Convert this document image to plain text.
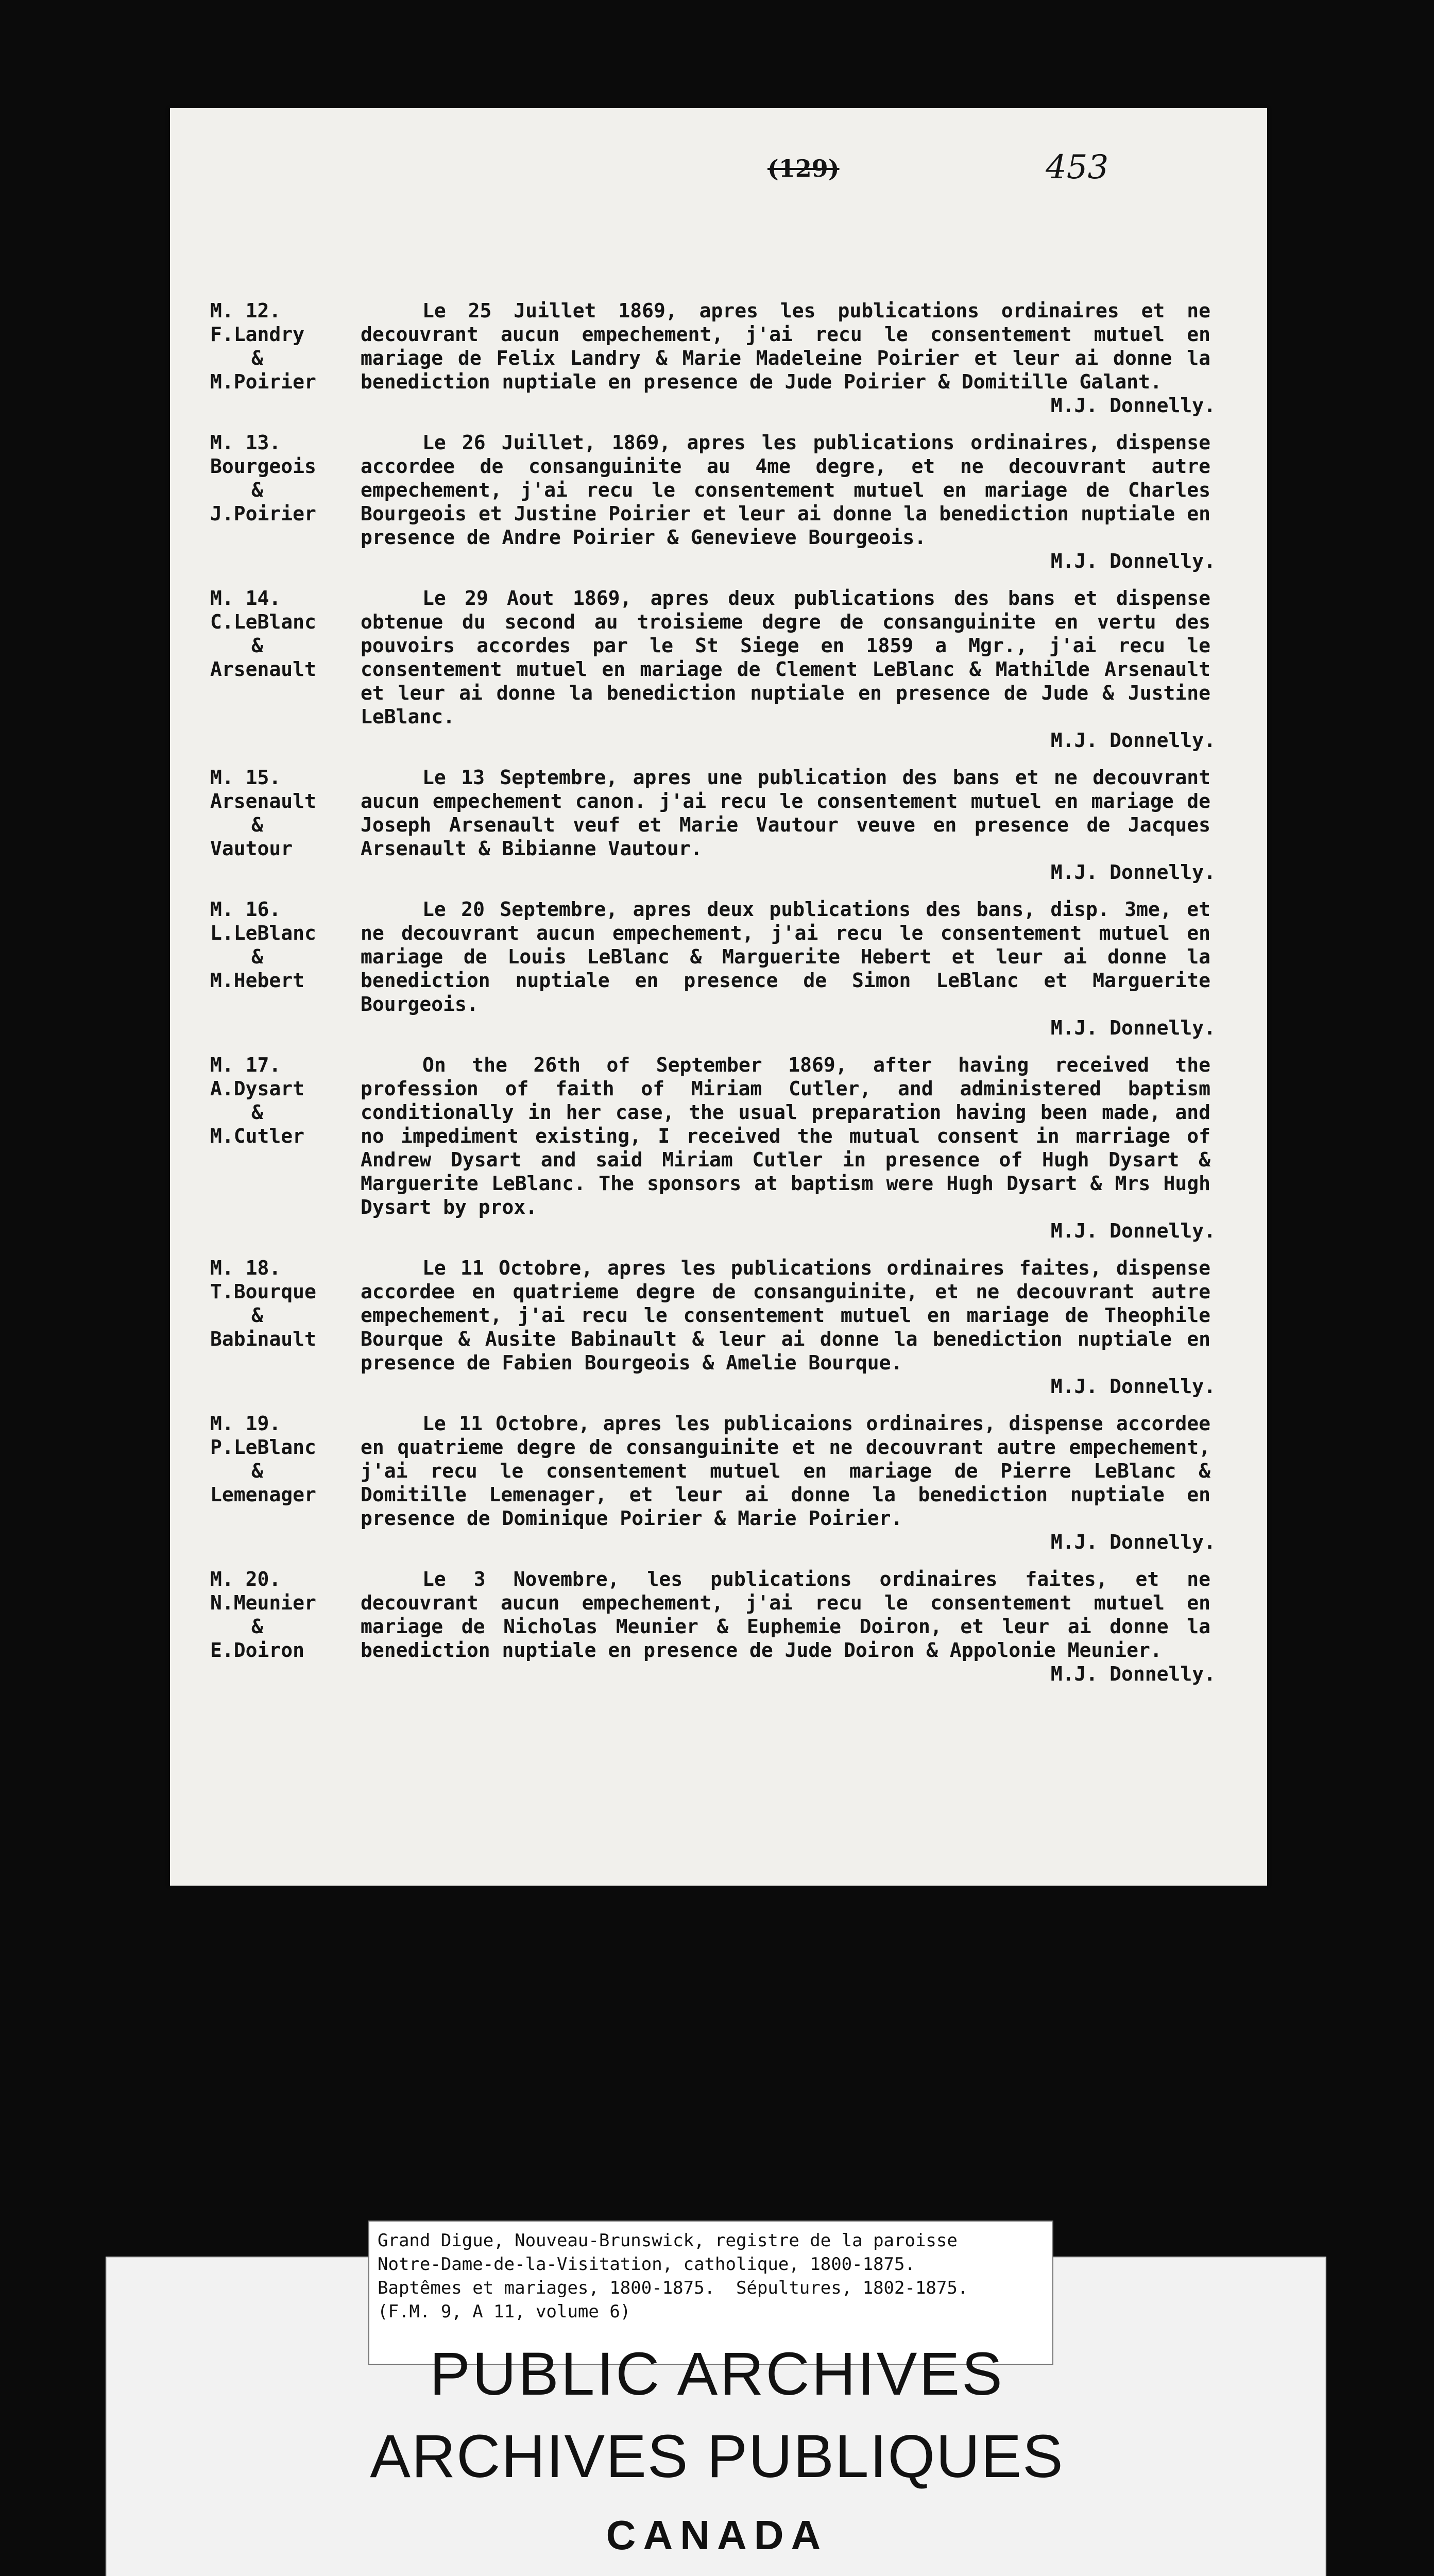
(129)	453
M. 12.
F.Landry
&
M.Poirier
Le 25 Juillet 1869, apres les publications ordinaires et ne decouvrant aucun empechement, j'ai recu le consentement mutuel en mariage de Felix Landry & Marie Madeleine Poirier et leur ai donne la benediction nuptiale en presence de Jude Poirier & Domitille Galant.
M.J. Donnelly.
M. 13.
Bourgeois
&
J.Poirier
Le 26 Juillet, 1869, apres les publications ordinaires, dispense accordee de consanguinite au 4me degre, et ne decouvrant autre empechement, j'ai recu le consentement mutuel en mariage de Charles Bourgeois et Justine Poirier et leur ai donne la benediction nuptiale en presence de Andre Poirier & Genevieve Bourgeois.
M.J. Donnelly.
M. 14.
C.LeBlanc
&
Arsenault
Le 29 Aout 1869, apres deux publications des bans et dispense obtenue du second au troisieme degre de consanguinite en vertu des pouvoirs accordes par le St Siege en 1859 a Mgr., j'ai recu le consentement mutuel en mariage de Clement LeBlanc & Mathilde Arsenault et leur ai donne la benediction nuptiale en presence de Jude & Justine LeBlanc.
M.J. Donnelly.
M. 15.
Arsenault
&
Vautour
Le 13 Septembre, apres une publication des bans et ne decouvrant aucun empechement canon. j'ai recu le consentement mutuel en mariage de Joseph Arsenault veuf et Marie Vautour veuve en presence de Jacques Arsenault & Bibianne Vautour.
M.J. Donnelly.
M. 16.
L.LeBlanc
&
M.Hebert
Le 20 Septembre, apres deux publications des bans, disp. 3me, et ne decouvrant aucun empechement, j'ai recu le consentement mutuel en mariage de Louis LeBlanc & Marguerite Hebert et leur ai donne la benediction nuptiale en presence de Simon LeBlanc et Marguerite Bourgeois.
M.J. Donnelly.
M. 17.
A.Dysart
&
M.Cutler
On the 26th of September 1869, after having received the profession of faith of Miriam Cutler, and administered baptism conditionally in her case, the usual preparation having been made, and no impediment existing, I received the mutual consent in marriage of Andrew Dysart and said Miriam Cutler in presence of Hugh Dysart & Marguerite LeBlanc. The sponsors at baptism were Hugh Dysart & Mrs Hugh Dysart by prox.
M.J. Donnelly.
M. 18.
T.Bourque
&
Babinault
Le 11 Octobre, apres les publications ordinaires faites, dispense accordee en quatrieme degre de consanguinite, et ne decouvrant autre empechement, j'ai recu le consentement mutuel en mariage de Theophile Bourque & Ausite Babinault & leur ai donne la benediction nuptiale en presence de Fabien Bourgeois & Amelie Bourque.
M.J. Donnelly.
M. 19.
P.LeBlanc
&
Lemenager
Le 11 Octobre, apres les publicaions ordinaires, dispense accordee en quatrieme degre de consanguinite et ne decouvrant autre empechement, j'ai recu le consentement mutuel en mariage de Pierre LeBlanc & Domitille Lemenager, et leur ai donne la benediction nuptiale en presence de Dominique Poirier & Marie Poirier.
M.J. Donnelly.
M. 20.
N.Meunier
&
E.Doiron
Le 3 Novembre, les publications ordinaires faites, et ne decouvrant aucun empechement, j'ai recu le consentement mutuel en mariage de Nicholas Meunier & Euphemie Doiron, et leur ai donne la benediction nuptiale en presence de Jude Doiron & Appolonie Meunier.
M.J. Donnelly.
Grand Digue, Nouveau-Brunswick, registre de la paroisse
Notre-Dame-de-la-Visitation, catholique, 1800-1875.
Baptêmes et mariages, 1800-1875.  Sépultures, 1802-1875.
(F.M. 9, A 11, volume 6)
PUBLIC ARCHIVES
ARCHIVES PUBLIQUES
CANADA
